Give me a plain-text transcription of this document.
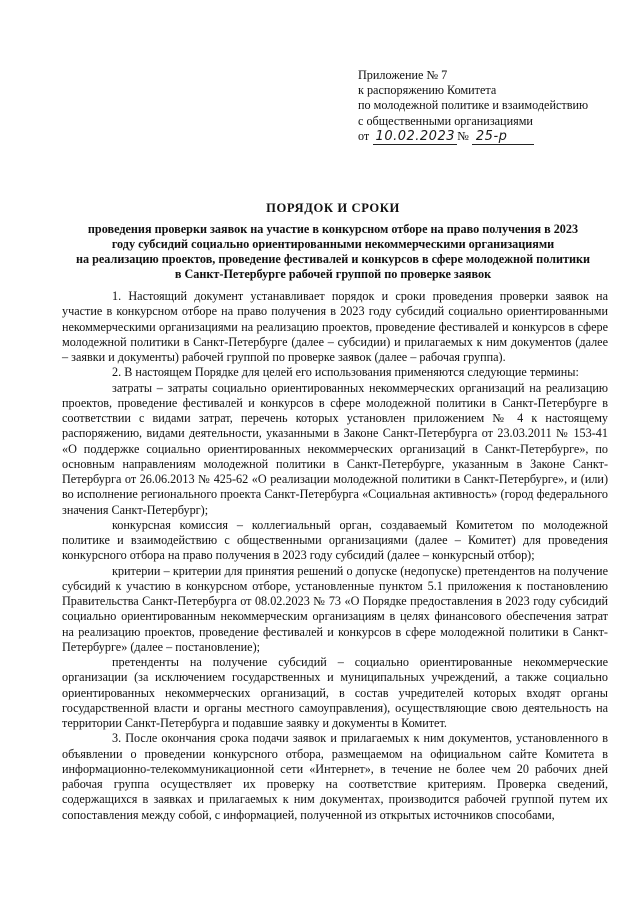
Приложение № 7
к распоряжению Комитета
по молодежной политике и взаимодействию
с общественными организациями
от 10.02.2023 № 25-р
ПОРЯДОК И СРОКИ
проведения проверки заявок на участие в конкурсном отборе на право получения в 2023
году субсидий социально ориентированными некоммерческими организациями
на реализацию проектов, проведение фестивалей и конкурсов в сфере молодежной политики
в Санкт-Петербурге рабочей группой по проверке заявок

1. Настоящий документ устанавливает порядок и сроки проведения проверки заявок на участие в конкурсном отборе на право получения в 2023 году субсидий социально ориентированными некоммерческими организациями на реализацию проектов, проведение фестивалей и конкурсов в сфере молодежной политики в Санкт-Петербурге (далее – субсидии) и прилагаемых к ним документов (далее – заявки и документы) рабочей группой по проверке заявок (далее – рабочая группа).

2. В настоящем Порядке для целей его использования применяются следующие термины:

затраты – затраты социально ориентированных некоммерческих организаций на реализацию проектов, проведение фестивалей и конкурсов в сфере молодежной политики в Санкт-Петербурге в соответствии с видами затрат, перечень которых установлен приложением № 4 к настоящему распоряжению, видами деятельности, указанными в Законе Санкт-Петербурга от 23.03.2011 № 153-41 «О поддержке социально ориентированных некоммерческих организаций в Санкт-Петербурге», по основным направлениям молодежной политики в Санкт-Петербурге, указанным в Законе Санкт-Петербурга от 26.06.2013 № 425-62 «О реализации молодежной политики в Санкт-Петербурге», и (или) во исполнение регионального проекта Санкт-Петербурга «Социальная активность» (город федерального значения Санкт-Петербург);

конкурсная комиссия – коллегиальный орган, создаваемый Комитетом по молодежной политике и взаимодействию с общественными организациями (далее – Комитет) для проведения конкурсного отбора на право получения в 2023 году субсидий (далее – конкурсный отбор);

критерии – критерии для принятия решений о допуске (недопуске) претендентов на получение субсидий к участию в конкурсном отборе, установленные пунктом 5.1 приложения к постановлению Правительства Санкт-Петербурга от 08.02.2023 № 73 «О Порядке предоставления в 2023 году субсидий социально ориентированным некоммерческим организациям в целях финансового обеспечения затрат на реализацию проектов, проведение фестивалей и конкурсов в сфере молодежной политики в Санкт-Петербурге» (далее – постановление);

претенденты на получение субсидий – социально ориентированные некоммерческие организации (за исключением государственных и муниципальных учреждений, а также социально ориентированных некоммерческих организаций, в состав учредителей которых входят органы государственной власти и органы местного самоуправления), осуществляющие свою деятельность на территории Санкт-Петербурга и подавшие заявку и документы в Комитет.

3. После окончания срока подачи заявок и прилагаемых к ним документов, установленного в объявлении о проведении конкурсного отбора, размещаемом на официальном сайте Комитета в информационно-телекоммуникационной сети «Интернет», в течение не более чем 20 рабочих дней рабочая группа осуществляет их проверку на соответствие критериям. Проверка сведений, содержащихся в заявках и прилагаемых к ним документах, производится рабочей группой путем их сопоставления между собой, с информацией, полученной из открытых источников способами,
